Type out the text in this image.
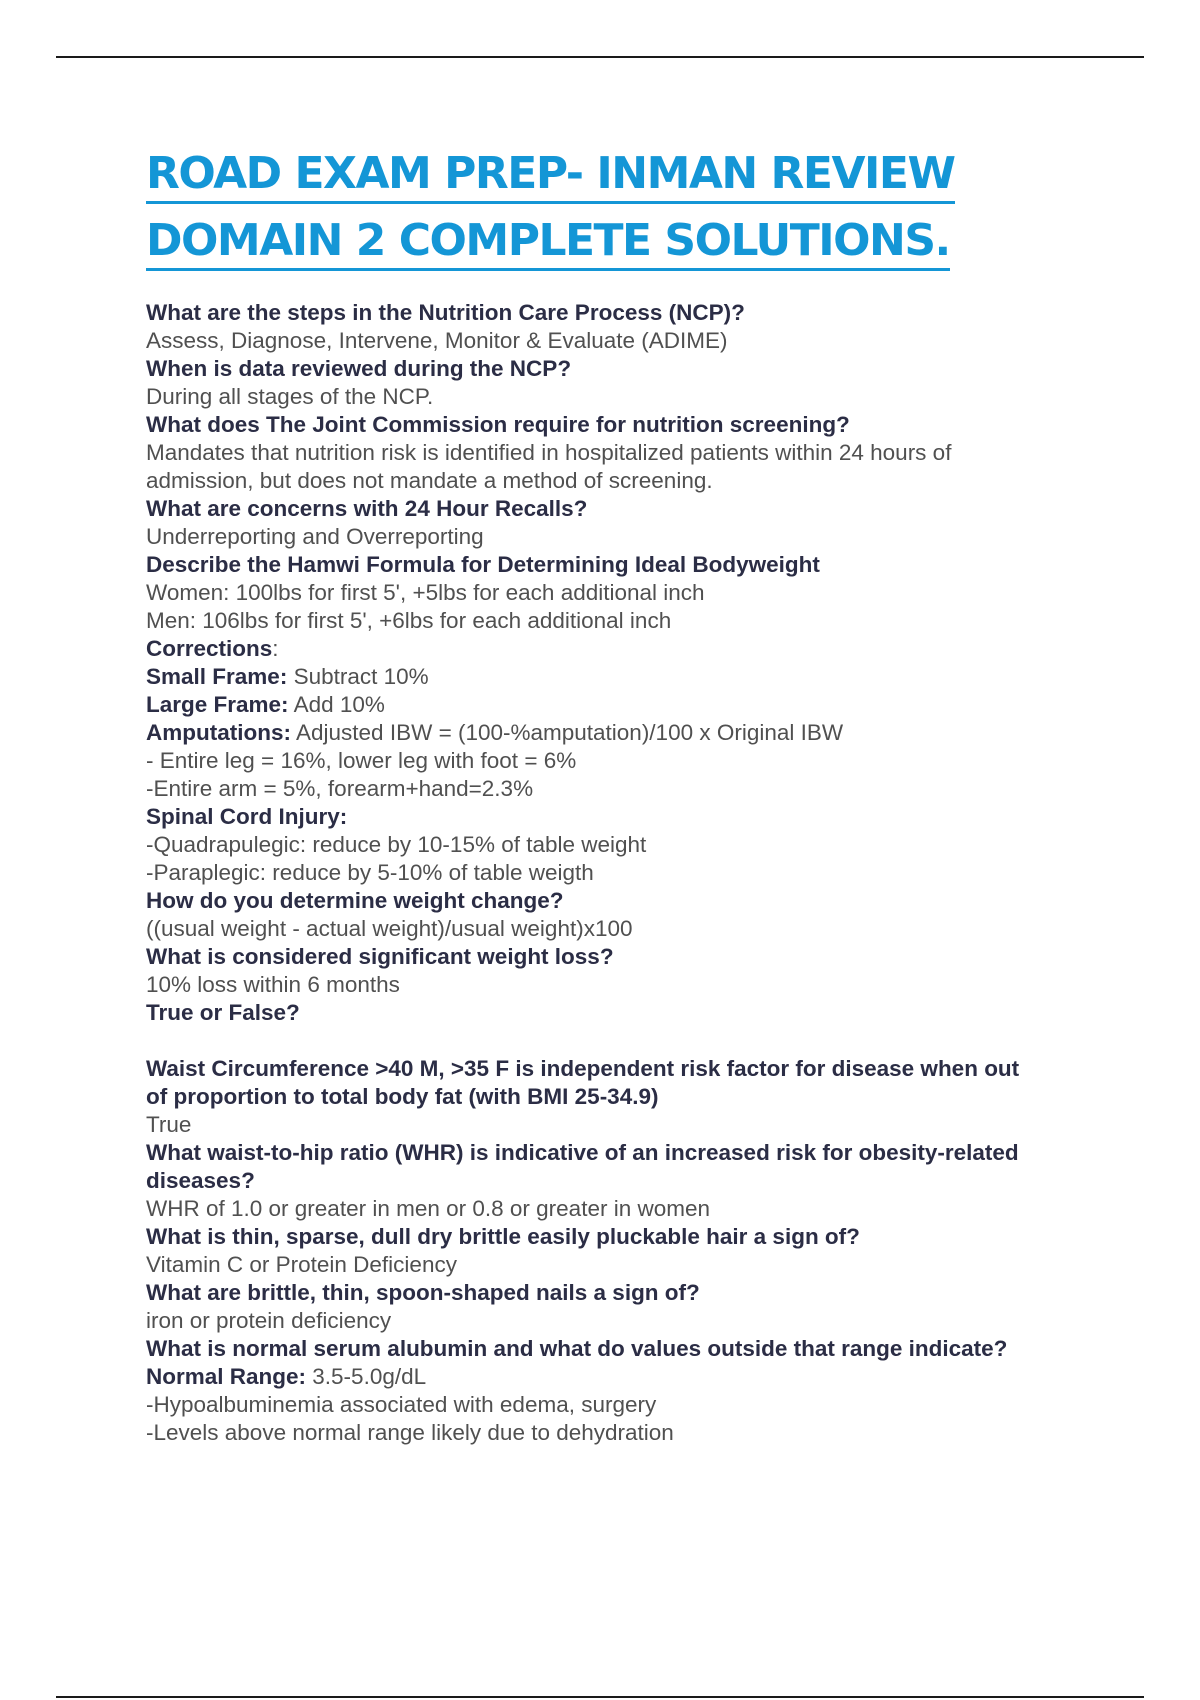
ROAD EXAM PREP- INMAN REVIEW
DOMAIN 2 COMPLETE SOLUTIONS.

What are the steps in the Nutrition Care Process (NCP)?

Assess, Diagnose, Intervene, Monitor & Evaluate (ADIME)

When is data reviewed during the NCP?

During all stages of the NCP.

What does The Joint Commission require for nutrition screening?

Mandates that nutrition risk is identified in hospitalized patients within 24 hours of

admission, but does not mandate a method of screening.

What are concerns with 24 Hour Recalls?

Underreporting and Overreporting

Describe the Hamwi Formula for Determining Ideal Bodyweight

Women: 100lbs for first 5', +5lbs for each additional inch

Men: 106lbs for first 5', +6lbs for each additional inch

Corrections:

Small Frame: Subtract 10%

Large Frame: Add 10%

Amputations: Adjusted IBW = (100-%amputation)/100 x Original IBW

- Entire leg = 16%, lower leg with foot = 6%

-Entire arm = 5%, forearm+hand=2.3%

Spinal Cord Injury:

-Quadrapulegic: reduce by 10-15% of table weight

-Paraplegic: reduce by 5-10% of table weigth

How do you determine weight change?

((usual weight - actual weight)/usual weight)x100

What is considered significant weight loss?

10% loss within 6 months

True or False?

Waist Circumference >40 M, >35 F is independent risk factor for disease when out

of proportion to total body fat (with BMI 25-34.9)

True

What waist-to-hip ratio (WHR) is indicative of an increased risk for obesity-related

diseases?

WHR of 1.0 or greater in men or 0.8 or greater in women

What is thin, sparse, dull dry brittle easily pluckable hair a sign of?

Vitamin C or Protein Deficiency

What are brittle, thin, spoon-shaped nails a sign of?

iron or protein deficiency

What is normal serum alubumin and what do values outside that range indicate?

Normal Range: 3.5-5.0g/dL

-Hypoalbuminemia associated with edema, surgery

-Levels above normal range likely due to dehydration
